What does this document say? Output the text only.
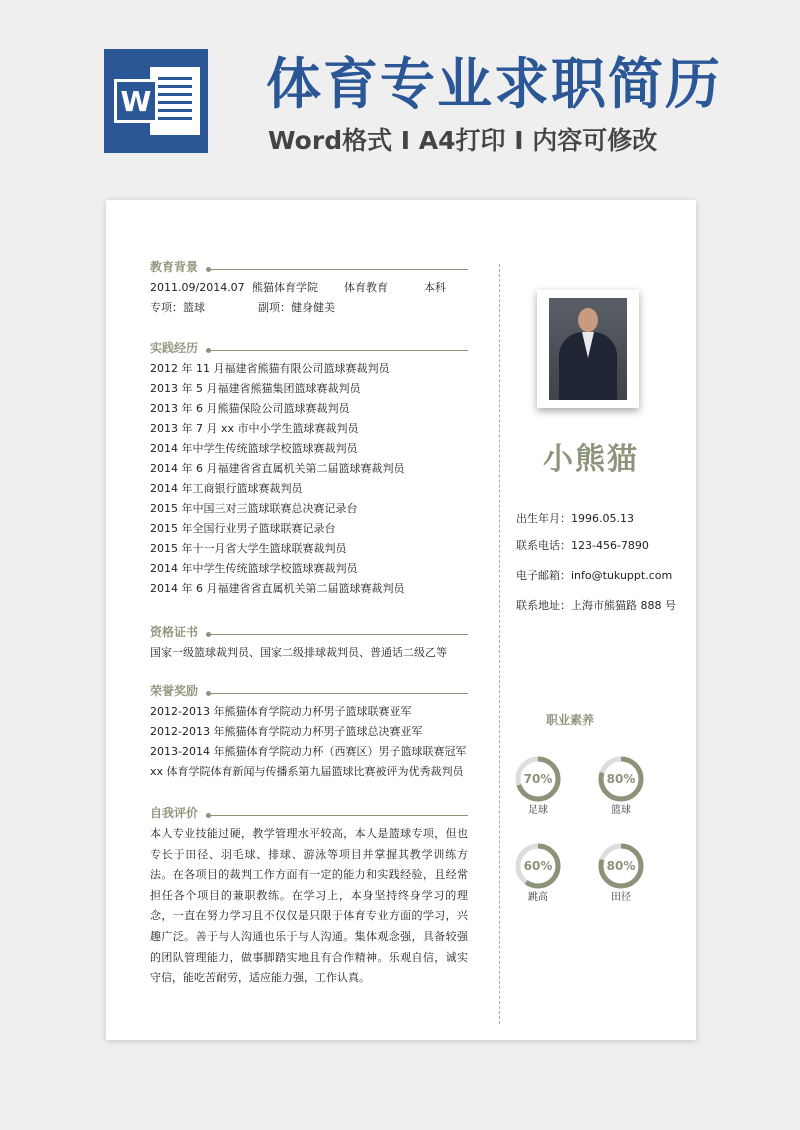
W 体育专业求职简历
Word格式 I A4打印 I 内容可修改
教育背景
2011.09/2014.07 熊猫体育学院 体育教育	本科
专项：篮球	副项：健身健美
实践经历
2012 年 11 月福建省熊猫有限公司篮球赛裁判员
2013 年 5 月福建省熊猫集团篮球赛裁判员
2013 年 6 月熊猫保险公司篮球赛裁判员
2013 年 7 月 xx 市中小学生篮球赛裁判员
2014 年中学生传统篮球学校篮球赛裁判员
2014 年 6 月福建省省直属机关第二届篮球赛裁判员
2014 年工商银行篮球赛裁判员
2015 年中国三对三篮球联赛总决赛记录台
2015 年全国行业男子篮球联赛记录台
2015 年十一月省大学生篮球联赛裁判员
2014 年中学生传统篮球学校篮球赛裁判员
2014 年 6 月福建省省直属机关第二届篮球赛裁判员
资格证书
国家一级篮球裁判员、国家二级排球裁判员、普通话二级乙等
荣誉奖励
2012-2013 年熊猫体育学院动力杯男子篮球联赛亚军
2012-2013 年熊猫体育学院动力杯男子篮球总决赛亚军
2013-2014 年熊猫体育学院动力杯（西赛区）男子篮球联赛冠军
xx 体育学院体育新闻与传播系第九届篮球比赛被评为优秀裁判员
自我评价
本人专业技能过硬，教学管理水平较高，本人是篮球专项，但也专长于田径、羽毛球、排球、游泳等项目并掌握其教学训练方法。在各项目的裁判工作方面有一定的能力和实践经验，且经常担任各个项目的兼职教练。在学习上，本身坚持终身学习的理念，一直在努力学习且不仅仅是只限于体育专业方面的学习，兴趣广泛。善于与人沟通也乐于与人沟通。集体观念强，具备较强的团队管理能力，做事脚踏实地且有合作精神。乐观自信，诚实守信，能吃苦耐劳，适应能力强，工作认真。
小熊猫
出生年月：1996.05.13
联系电话：123-456-7890
电子邮箱：info@tukuppt.com
联系地址：上海市熊猫路 888 号
职业素养
70%
足球
80%
篮球
60%
跳高
80%
田径
